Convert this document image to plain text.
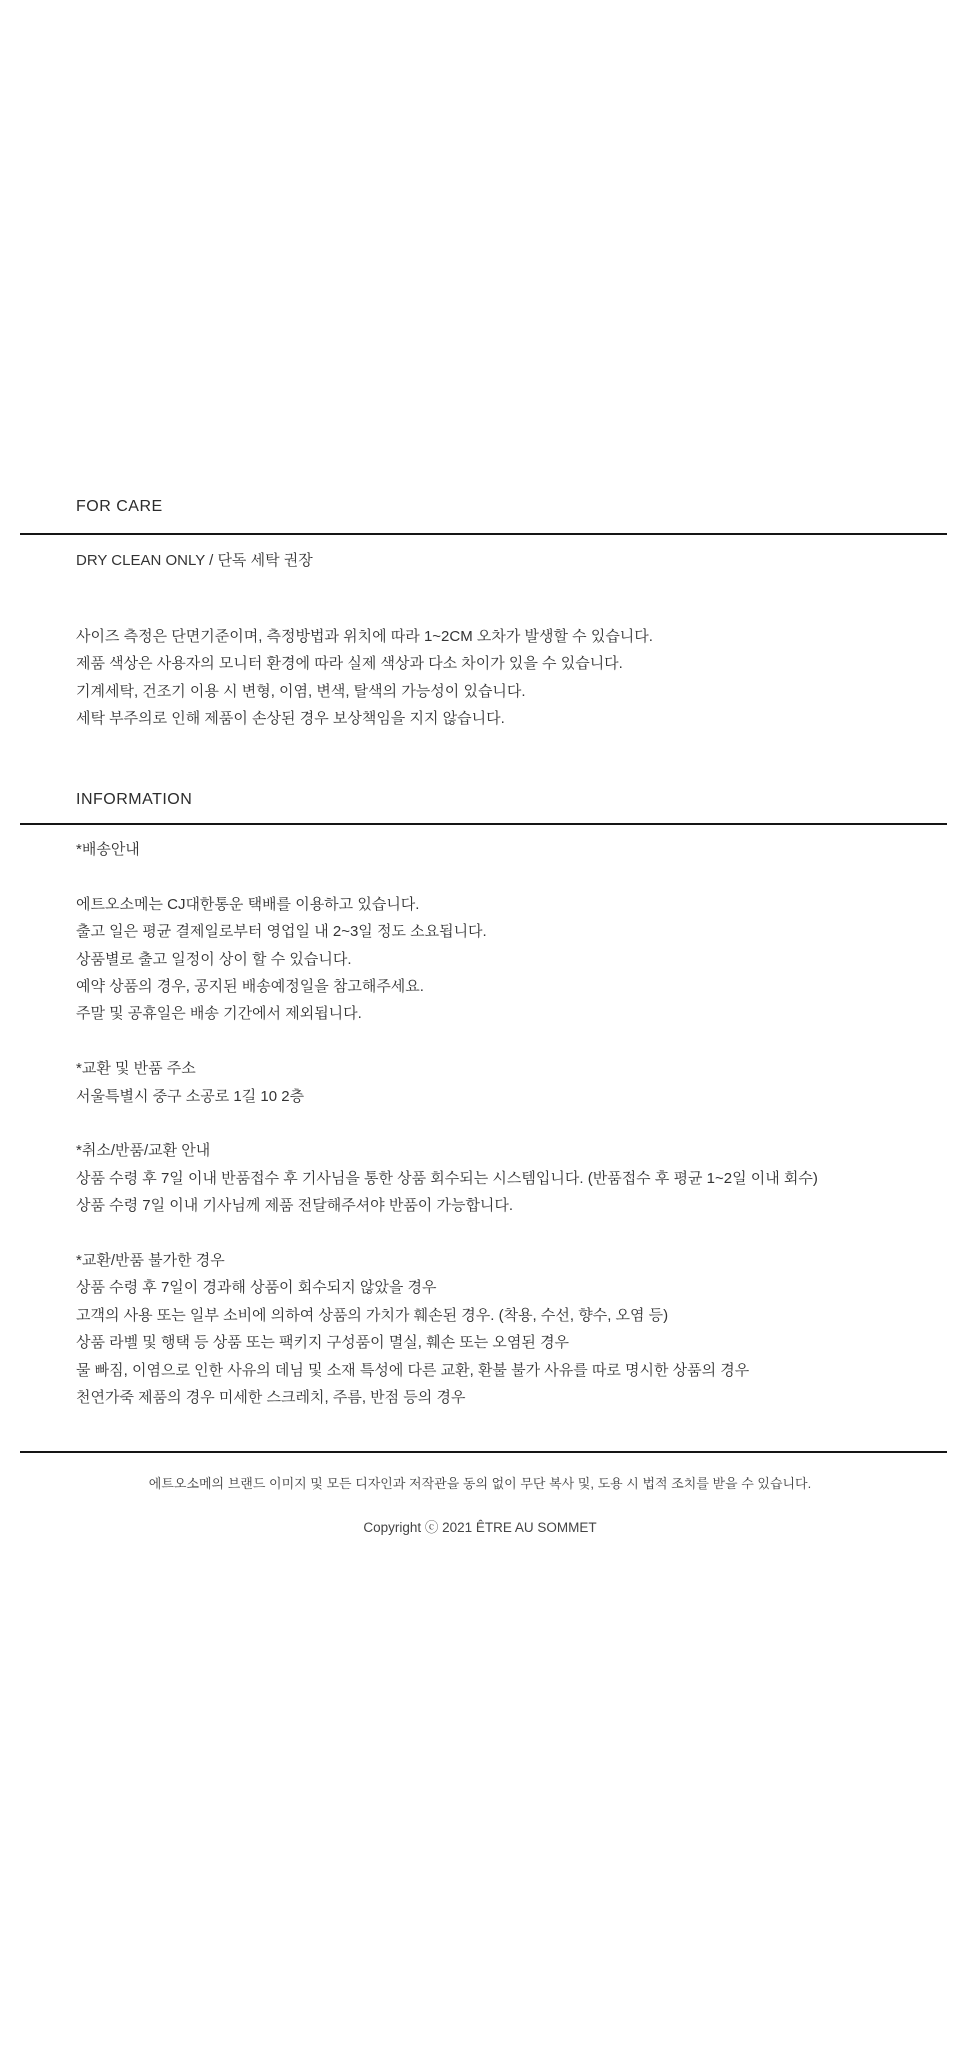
FOR CARE
DRY CLEAN ONLY / 단독 세탁 권장
사이즈 측정은 단면기준이며, 측정방법과 위치에 따라 1~2CM 오차가 발생할 수 있습니다.
제품 색상은 사용자의 모니터 환경에 따라 실제 색상과 다소 차이가 있을 수 있습니다.
기계세탁, 건조기 이용 시 변형, 이염, 변색, 탈색의 가능성이 있습니다.
세탁 부주의로 인해 제품이 손상된 경우 보상책임을 지지 않습니다.
INFORMATION
*배송안내
에트오소메는 CJ대한통운 택배를 이용하고 있습니다.
출고 일은 평균 결제일로부터 영업일 내 2~3일 정도 소요됩니다.
상품별로 출고 일정이 상이 할 수 있습니다.
예약 상품의 경우, 공지된 배송예정일을 참고해주세요.
주말 및 공휴일은 배송 기간에서 제외됩니다.
*교환 및 반품 주소
서울특별시 중구 소공로 1길 10 2층
*취소/반품/교환 안내
상품 수령 후 7일 이내 반품접수 후 기사님을 통한 상품 회수되는 시스템입니다. (반품접수 후 평균 1~2일 이내 회수)
상품 수령 7일 이내 기사님께 제품 전달해주셔야 반품이 가능합니다.
*교환/반품 불가한 경우
상품 수령 후 7일이 경과해 상품이 회수되지 않았을 경우
고객의 사용 또는 일부 소비에 의하여 상품의 가치가 훼손된 경우. (착용, 수선, 향수, 오염 등)
상품 라벨 및 행택 등 상품 또는 팩키지 구성품이 멸실, 훼손 또는 오염된 경우
물 빠짐, 이염으로 인한 사유의 데님 및 소재 특성에 다른 교환, 환불 불가 사유를 따로 명시한 상품의 경우
천연가죽 제품의 경우 미세한 스크레치, 주름, 반점 등의 경우
에트오소메의 브랜드 이미지 및 모든 디자인과 저작관을 동의 없이 무단 복사 및, 도용 시 법적 조치를 받을 수 있습니다.
Copyright ⓒ 2021 ÊTRE AU SOMMET
